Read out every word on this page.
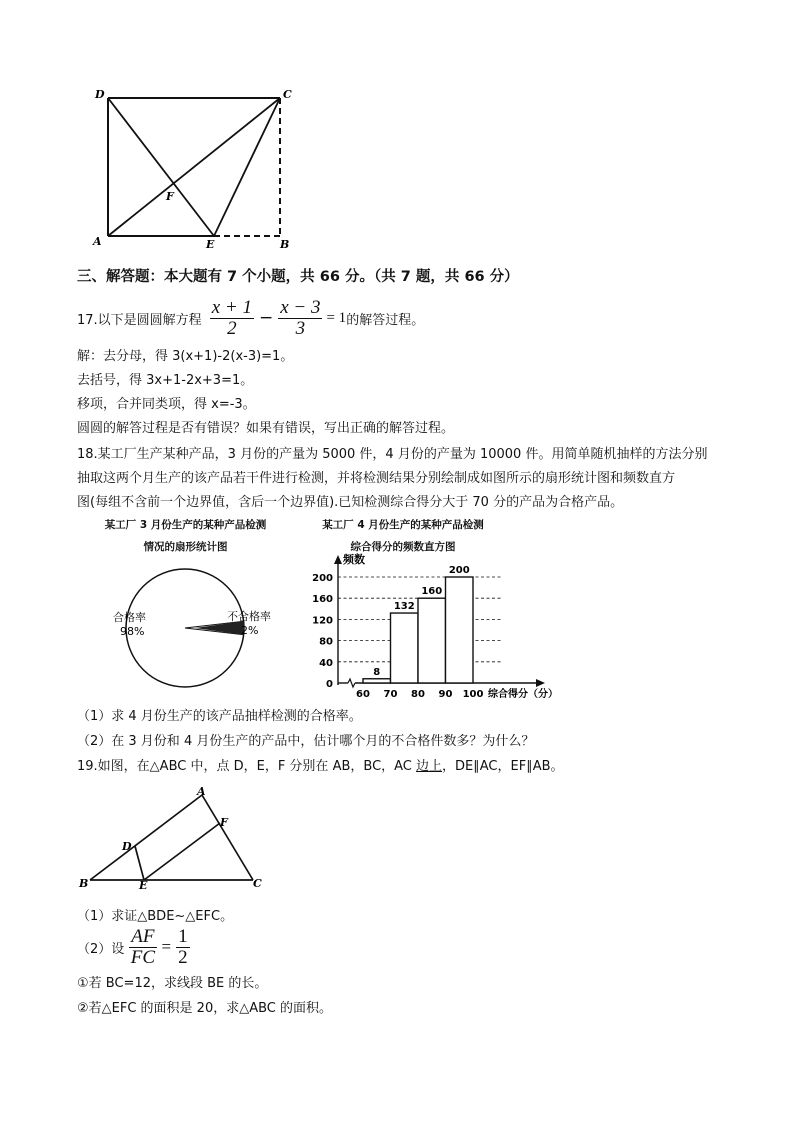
D	C
A	E	B
F
三、解答题：本大题有 7 个小题，共 66 分。（共 7 题，共 66 分）
17.以下是圆圆解方程 $\frac{x + 1}{2} - \frac{x - 3}{3} = 1$ 的解答过程。
解：去分母，得 3(x+1)-2(x-3)=1。
去括号，得 3x+1-2x+3=1。
移项，合并同类项，得 x=-3。
圆圆的解答过程是否有错误？如果有错误，写出正确的解答过程。
18.某工厂生产某种产品，3 月份的产量为 5000 件，4 月份的产量为 10000 件。用简单随机抽样的方法分别
抽取这两个月生产的该产品若干件进行检测，并将检测结果分别绘制成如图所示的扇形统计图和频数直方
图(每组不含前一个边界值，含后一个边界值).已知检测综合得分大于 70 分的产品为合格产品。
某工厂 3 月份生产的某种产品检测
情况的扇形统计图
合格率
98%
不合格率
2%
某工厂 4 月份生产的某种产品检测
综合得分的频数直方图
0
40
80
120
160
200
频数
综合得分（分）
60 70 80 90 100
8
132
160
200
（1）求 4 月份生产的该产品抽样检测的合格率。
（2）在 3 月份和 4 月份生产的产品中，估计哪个月的不合格件数多？为什么？
19.如图，在△ABC 中，点 D，E，F 分别在 AB，BC，AC 边上，DE∥AC，EF∥AB。
A
F
D
B	E	C
（1）求证△BDE~△EFC。
（2）设 $\frac{AF}{FC} = \frac{1}{2}$
①若 BC=12，求线段 BE 的长。
②若△EFC 的面积是 20，求△ABC 的面积。
